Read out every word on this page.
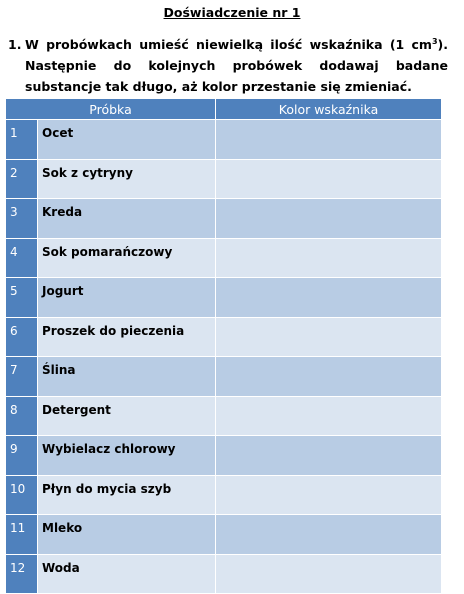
Doświadczenie nr 1
1. W probówkach umieść niewielką ilość wskaźnika (1 $cm^3$). Następnie do kolejnych probówek dodawaj badane substancje tak długo, aż kolor przestanie się zmieniać.
Próbka		Kolor wskaźnika
1	Ocet	
2	Sok z cytryny	
3	Kreda	
4	Sok pomarańczowy	
5	Jogurt	
6	Proszek do pieczenia	
7	Ślina	
8	Detergent	
9	Wybielacz chlorowy	
10	Płyn do mycia szyb	
11	Mleko	
12	Woda	
